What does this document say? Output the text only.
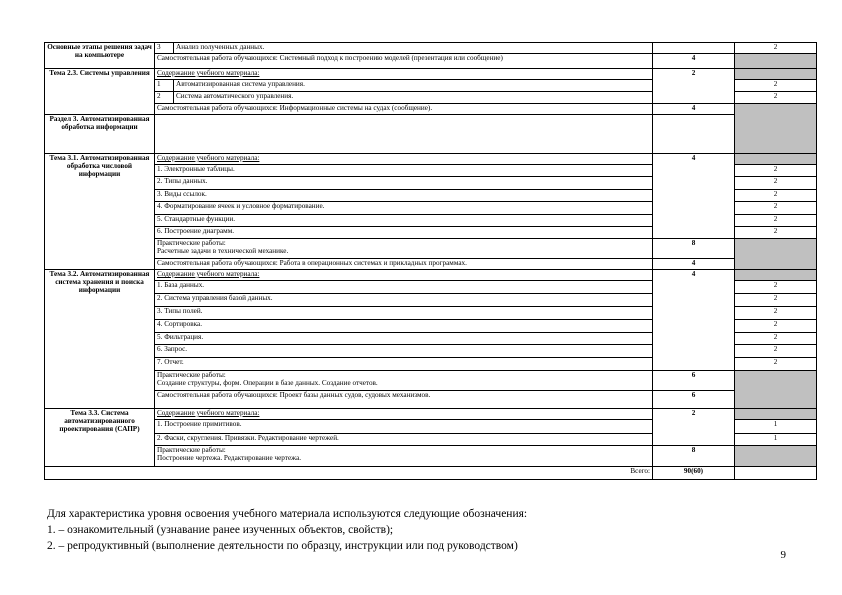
Основные этапы решения задач на компьютере	3	Анализ полученных данных.		2
	Самостоятельная работа обучающихся: Системный подход к построению моделей (презентация или сообщение)		4	
Тема 2.3. Системы управления	Содержание учебного материала:		2	
	1	Автоматизированная система управления.		2
	2	Система автоматического управления.		2
	Самостоятельная работа обучающихся: Информационные системы на судах (сообщение).		4	
Раздел 3. Автоматизированная обработка информации				
Тема 3.1. Автоматизированная обработка числовой информации	Содержание учебного материала:		4	
	1. Электронные таблицы.			2
	2. Типы данных.			2
	3. Виды ссылок.			2
	4. Форматирование ячеек и условное форматирование.			2
	5. Стандартные функции.			2
	6. Построение диаграмм.			2
	Практические работы:
Расчетные задачи в технической механике.		8	
	Самостоятельная работа обучающихся: Работа в операционных системах и прикладных программах.		4	
Тема 3.2. Автоматизированная система хранения и поиска информации	Содержание учебного материала:		4	
	1. База данных.			2
	2. Система управления базой данных.			2
	3. Типы полей.			2
	4. Сортировка.			2
	5. Фильтрация.			2
	6. Запрос.			2
	7. Отчет.			2
	Практические работы:
Создание структуры, форм. Операции в базе данных. Создание отчетов.		6	
	Самостоятельная работа обучающихся: Проект базы данных судов, судовых механизмов.		6	
Тема 3.3. Система автоматизированного проектирования (САПР)	Содержание учебного материала:		2	
	1. Построение примитивов.			1
	2. Фаски, скругления. Привязки. Редактирование чертежей.			1
	Практические работы:
Построение чертежа. Редактирование чертежа.		8	
Всего:			90(60)	
Для характеристика уровня освоения учебного материала используются следующие обозначения:
1. – ознакомительный (узнавание ранее изученных объектов, свойств);
2. – репродуктивный (выполнение деятельности по образцу, инструкции или под руководством)
9
